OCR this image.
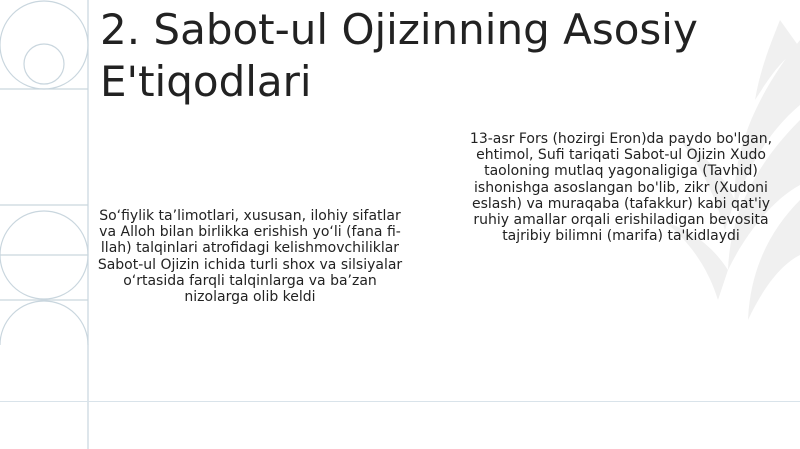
2. Sabot-ul Ojizinning Asosiy E'tiqodlari
So‘fiylik ta’limotlari, xususan, ilohiy sifatlar va Alloh bilan birlikka erishish yo‘li (fana fi-llah) talqinlari atrofidagi kelishmovchiliklar Sabot-ul Ojizin ichida turli shox va silsiyalar o‘rtasida farqli talqinlarga va ba’zan nizolarga olib keldi
13-asr Fors (hozirgi Eron)da paydo bo'lgan, ehtimol, Sufi tariqati Sabot-ul Ojizin Xudo taoloning mutlaq yagonaligiga (Tavhid) ishonishga asoslangan bo'lib, zikr (Xudoni eslash) va muraqaba (tafakkur) kabi qat'iy ruhiy amallar orqali erishiladigan bevosita tajribiy bilimni (marifa) ta'kidlaydi
